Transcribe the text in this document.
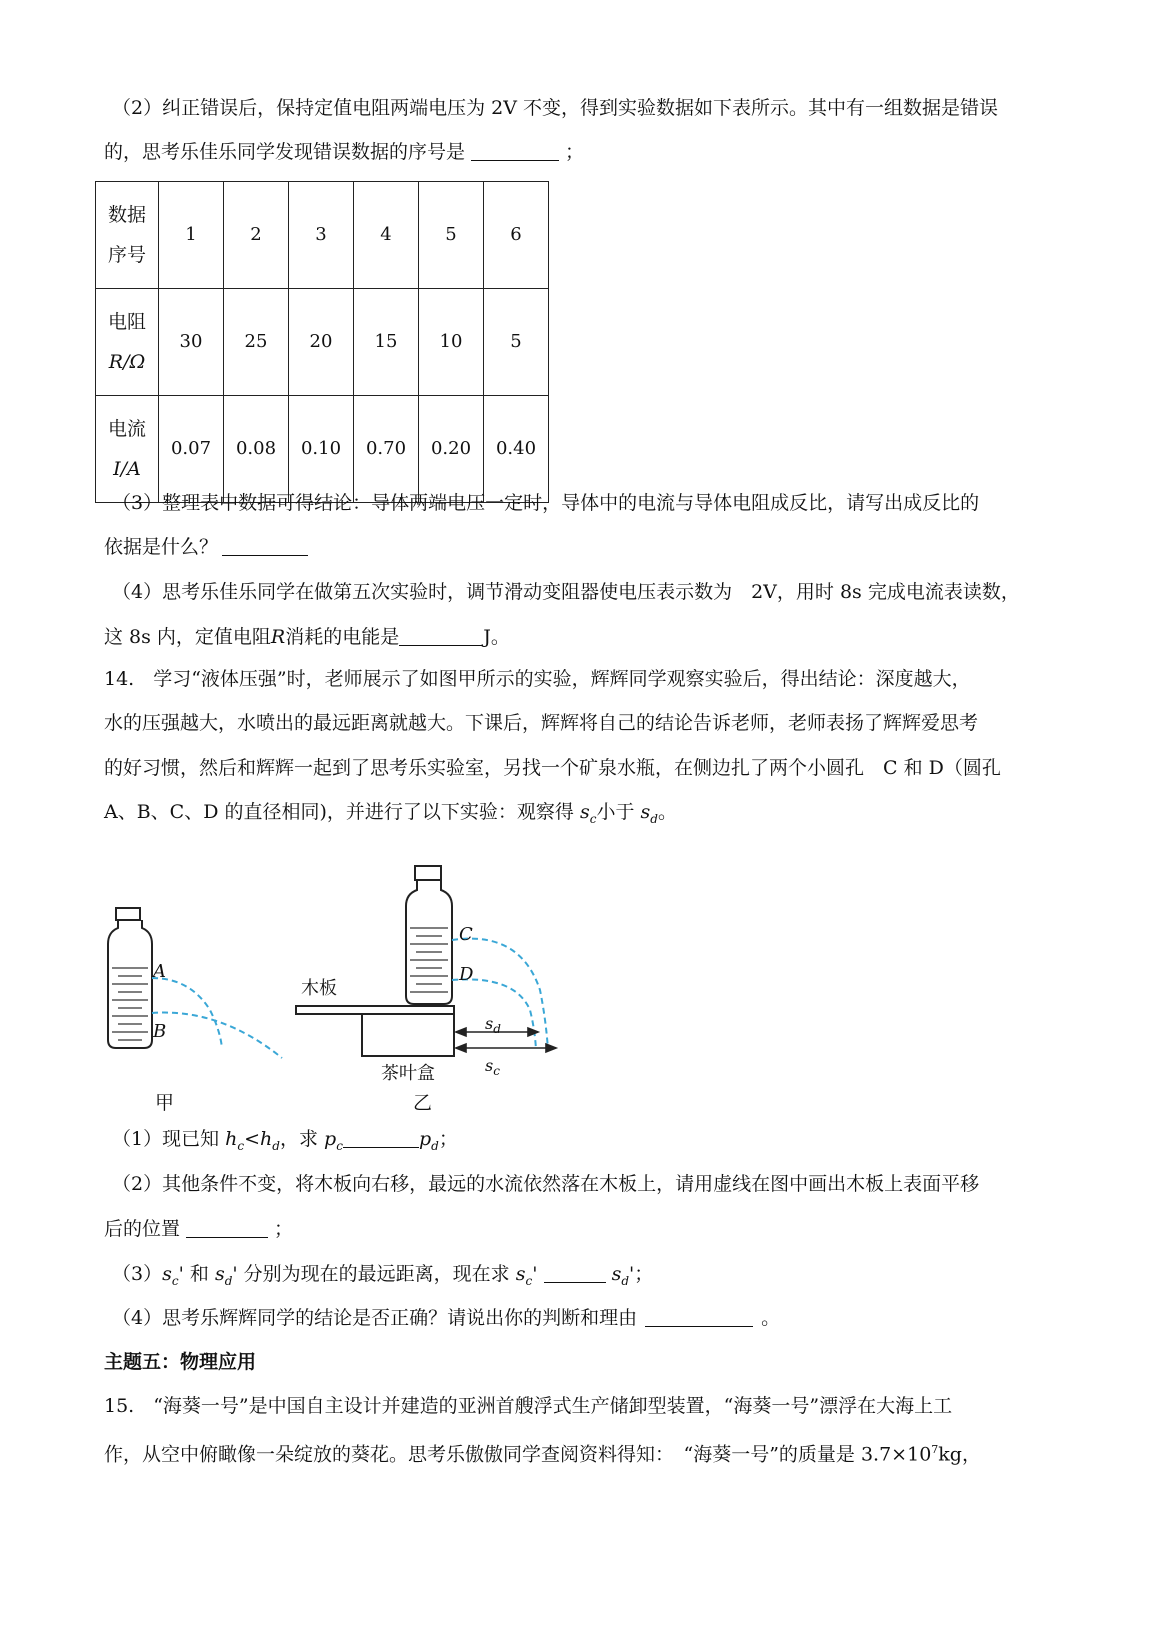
（2）纠正错误后，保持定值电阻两端电压为 2V 不变，得到实验数据如下表所示。其中有一组数据是错误
的，思考乐佳乐同学发现错误数据的序号是	；
数据
序号	1	2	3	4	5	6
电阻
R/Ω	30	25	20	15	10	5
电流
I/A	0.07	0.08	0.10	0.70	0.20	0.40
（3）整理表中数据可得结论：导体两端电压一定时，导体中的电流与导体电阻成反比，请写出成反比的
依据是什么？
（4）思考乐佳乐同学在做第五次实验时，调节滑动变阻器使电压表示数为　2V，用时 8s 完成电流表读数，
这 8s 内，定值电阻R消耗的电能是	J。
14.　学习“液体压强”时，老师展示了如图甲所示的实验，辉辉同学观察实验后，得出结论：深度越大，
水的压强越大，水喷出的最远距离就越大。下课后，辉辉将自己的结论告诉老师，老师表扬了辉辉爱思考
的好习惯，然后和辉辉一起到了思考乐实验室，另找一个矿泉水瓶，在侧边扎了两个小圆孔　C 和 D（圆孔
A、B、C、D 的直径相同)，并进行了以下实验：观察得 $s_c$小于 $s_d$。
A
B
C
D
木板
茶叶盒
$s_d$
$s_c$
甲	乙
（1）现已知 $h_c<h_d$，求 $p_c$	$p_d$；
（2）其他条件不变，将木板向右移，最远的水流依然落在木板上，请用虚线在图中画出木板上表面平移
后的位置	；
$(3)s_c'$ 和 $s_d'$ 分别为现在的最远距离，现在求 $s_c'$	$s_d'$；
（4）思考乐辉辉同学的结论是否正确？请说出你的判断和理由	。
主题五：物理应用
15.　“海葵一号”是中国自主设计并建造的亚洲首艘浮式生产储卸型装置，“海葵一号”漂浮在大海上工
作，从空中俯瞰像一朵绽放的葵花。思考乐傲傲同学查阅资料得知：　“海葵一号”的质量是 $3.7\times 10^7kg$，
